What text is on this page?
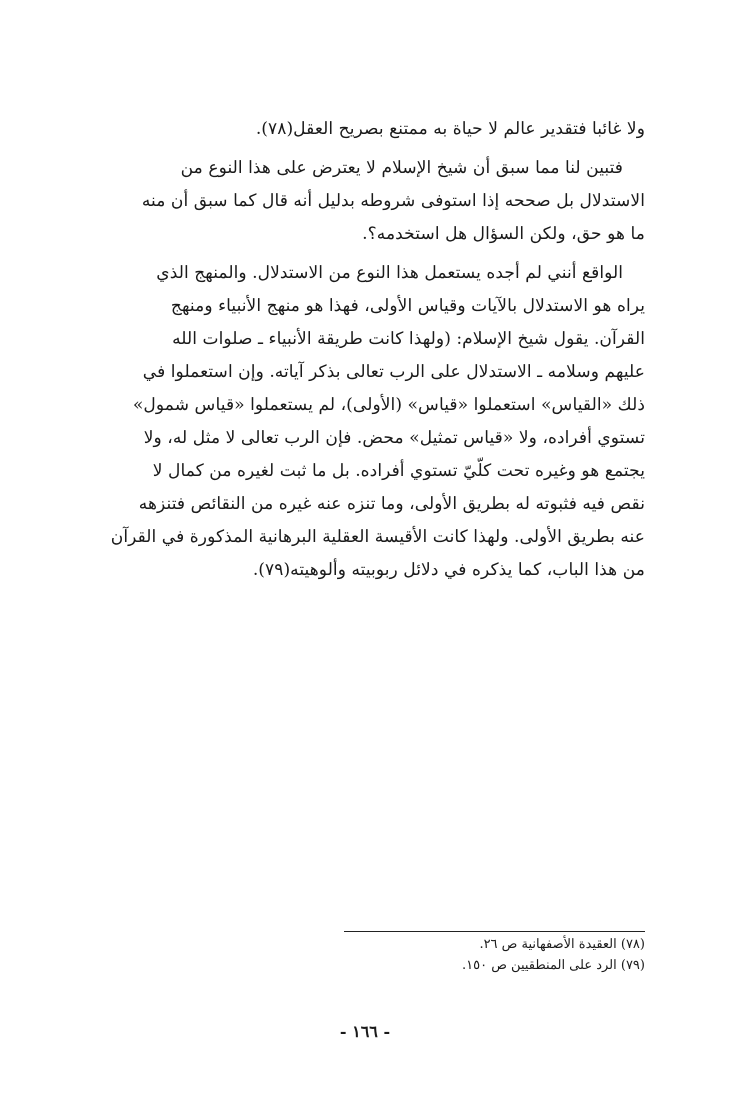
ولا غائبا فتقدير عالم لا حياة به ممتنع بصريح العقل(٧٨).
فتبين لنا مما سبق أن شيخ الإسلام لا يعترض على هذا النوع من
الاستدلال بل صححه إذا استوفى شروطه بدليل أنه قال كما سبق أن منه
ما هو حق، ولكن السؤال هل استخدمه؟.
الواقع أنني لم أجده يستعمل هذا النوع من الاستدلال. والمنهج الذي
يراه هو الاستدلال بالآيات وقياس الأولى، فهذا هو منهج الأنبياء ومنهج
القرآن. يقول شيخ الإسلام: (ولهذا كانت طريقة الأنبياء ـ صلوات الله
عليهم وسلامه ـ الاستدلال على الرب تعالى بذكر آياته. وإن استعملوا في
ذلك «القياس» استعملوا «قياس» (الأولى)، لم يستعملوا «قياس شمول»
تستوي أفراده، ولا «قياس تمثيل» محض. فإن الرب تعالى لا مثل له، ولا
يجتمع هو وغيره تحت كلّيّ تستوي أفراده. بل ما ثبت لغيره من كمال لا
نقص فيه فثبوته له بطريق الأولى، وما تنزه عنه غيره من النقائص فتنزهه
عنه بطريق الأولى. ولهذا كانت الأقيسة العقلية البرهانية المذكورة في القرآن
من هذا الباب، كما يذكره في دلائل ربوبيته وألوهيته(٧٩).
(٧٨) العقيدة الأصفهانية ص ٢٦.
(٧٩) الرد على المنطقيين ص ١٥٠.
- ١٦٦ -
